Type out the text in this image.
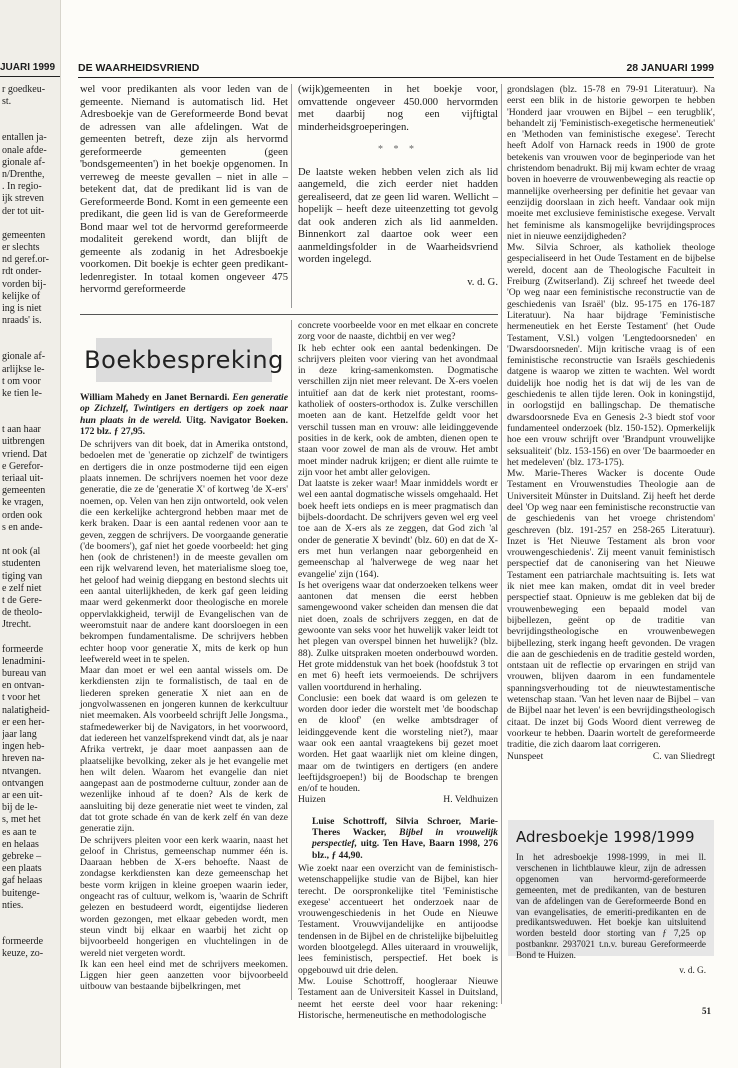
JUARI 1999
r goedkeu-
st.
entallen ja-
onale afde-
gionale af-
n/Drenthe,
. In regio-
ijk streven
der tot uit-
gemeenten
er slechts
nd geref.or-
rdt onder-
vorden bij-
kelijke of
ing is niet
nraads' is.
gionale af-
arlijkse le-
t om voor
ke tien le-
t aan haar
uitbrengen
vriend. Dat
e Gerefor-
teriaal uit-
gemeenten
ke vragen,
orden ook
s en ande-
nt ook (al
studenten
tiging van
e zelf niet
t de Gere-
de theolo-
Jtrecht.
formeerde
lenadmini-
bureau van
en ontvan-
t voor het
nalatigheid-
er een her-
jaar lang
ingen heb-
hreven na-
ntvangen.
ontvangen
ar een uit-
bij de le-
s, met het
es aan te
en helaas
gebreke –
een plaats
gaf helaas
buitenge-
nties.
formeerde
keuze, zo-
DE WAARHEIDSVRIEND	28 JANUARI 1999

wel voor predikanten als voor leden van de gemeente. Niemand is automatisch lid. Het Adresboekje van de Gereformeerde Bond bevat de adressen van alle afdelingen. Wat de gemeenten betreft, deze zijn als hervormd gereformeerde gemeenten (geen 'bondsgemeenten') in het boekje opgenomen. In verreweg de meeste gevallen – niet in alle – betekent dat, dat de predikant lid is van de Gereformeerde Bond. Komt in een gemeente een predikant, die geen lid is van de Gereformeerde Bond maar wel tot de hervormd gereformeerde modaliteit gerekend wordt, dan blijft de gemeente als zodanig in het Adresboekje voorkomen. Dit boekje is echter geen predikant-ledenregister. In totaal komen ongeveer 475 hervormd gereformeerde

(wijk)gemeenten in het boekje voor, omvattende ongeveer 450.000 hervormden met daarbij nog een vijftigtal minderheidsgroeperingen.

* * *

De laatste weken hebben velen zich als lid aangemeld, die zich eerder niet hadden gerealiseerd, dat ze geen lid waren. Wellicht – hopelijk – heeft deze uiteenzetting tot gevolg dat ook anderen zich als lid aanmelden. Binnenkort zal daartoe ook weer een aanmeldingsfolder in de Waarheidsvriend worden ingelegd.

v. d. G.
Boekbespreking
William Mahedy en Janet Bernardi. Een generatie op Zichzelf, Twintigers en dertigers op zoek naar hun plaats in de wereld. Uitg. Navigator Boeken. 172 blz. ƒ 27,95.

De schrijvers van dit boek, dat in Amerika ontstond, bedoelen met de 'generatie op zichzelf' de twintigers en dertigers die in onze postmoderne tijd een eigen plaats innemen. De schrijvers noemen het voor deze generatie, die ze de 'generatie X' of kortweg 'de X-ers' noemen, op. Velen van hen zijn ontworteld, ook velen die een kerkelijke achtergrond hebben maar met de kerk braken. Daar is een aantal redenen voor aan te geven, zeggen de schrijvers. De voorgaande generatie ('de boomers'), gaf niet het goede voorbeeld: het ging hen (ook de christenen!) in de meeste gevallen om een rijk welvarend leven, het materialisme sloeg toe, het geloof had weinig diepgang en bestond slechts uit een aantal uiterlijkheden, de kerk gaf geen leiding maar werd gekenmerkt door theologische en morele oppervlakkigheid, terwijl de Evangelischen van de weeromstuit naar de andere kant doorsloegen in een bekrompen fundamentalisme. De schrijvers hebben echter hoop voor generatie X, mits de kerk op hun leefwereld weet in te spelen.

Maar dan moet er wel een aantal wissels om. De kerkdiensten zijn te formalistisch, de taal en de liederen spreken generatie X niet aan en de jongvolwassenen en jongeren kunnen de kerkcultuur niet meemaken. Als voorbeeld schrijft Jelle Jongsma., stafmedewerker bij de Navigators, in het voorwoord, dat iedereen het vanzelfsprekend vindt dat, als je naar Afrika vertrekt, je daar moet aanpassen aan de plaatselijke bevolking, zeker als je het evangelie met hen wilt delen. Waarom het evangelie dan niet aangepast aan de postmoderne cultuur, zonder aan de wezenlijke inhoud af te doen? Als de kerk de aansluiting bij deze generatie niet weet te vinden, zal dat tot grote schade én van de kerk zelf én van deze generatie zijn.

De schrijvers pleiten voor een kerk waarin, naast het geloof in Christus, gemeenschap nummer één is. Daaraan hebben de X-ers behoefte. Naast de zondagse kerkdiensten kan deze gemeenschap het beste vorm krijgen in kleine groepen waarin ieder, ongeacht ras of cultuur, welkom is, 'waarin de Schrift gelezen en bestudeerd wordt, eigentijdse liederen worden gezongen, met elkaar gebeden wordt, men steun vindt bij elkaar en waarbij het zicht op bijvoorbeeld hongerigen en vluchtelingen in de wereld niet vergeten wordt.

Ik kan een heel eind met de schrijvers meekomen. Liggen hier geen aanzetten voor bijvoorbeeld uitbouw van bestaande bijbelkringen, met

concrete voorbeelde voor en met elkaar en concrete zorg voor de naaste, dichtbij en ver weg?

Ik heb echter ook een aantal bedenkingen. De schrijvers pleiten voor viering van het avondmaal in deze kring-samenkomsten. Dogmatische verschillen zijn niet meer relevant. De X-ers voelen intuïtief aan dat de kerk niet protestant, rooms-katholiek of oosters-orthodox is. Zulke verschillen moeten aan de kant. Hetzelfde geldt voor het verschil tussen man en vrouw: alle leidinggevende posities in de kerk, ook de ambten, dienen open te staan voor zowel de man als de vrouw. Het ambt moet minder nadruk krijgen; er dient alle ruimte te zijn voor het ambt aller gelovigen.

Dat laatste is zeker waar! Maar inmiddels wordt er wel een aantal dogmatische wissels omgehaald. Het boek heeft iets ondieps en is meer pragmatisch dan bijbels-doordacht. De schrijvers geven wel erg veel toe aan de X-ers als ze zeggen, dat God zich 'al onder de generatie X bevindt' (blz. 60) en dat de X-ers met hun verlangen naar geborgenheid en gemeenschap al 'halverwege de weg naar het evangelie' zijn (164).

Is het overigens waar dat onderzoeken telkens weer aantonen dat mensen die eerst hebben samengewoond vaker scheiden dan mensen die dat niet doen, zoals de schrijvers zeggen, en dat de gewoonte van seks voor het huwelijk vaker leidt tot het plegen van overspel binnen het huwelijk? (blz. 88). Zulke uitspraken moeten onderbouwd worden. Het grote middenstuk van het boek (hoofdstuk 3 tot en met 6) heeft iets vermoeiends. De schrijvers vallen voortdurend in herhaling.

Conclusie: een boek dat waard is om gelezen te worden door ieder die worstelt met 'de boodschap en de kloof' (en welke ambtsdrager of leidinggevende kent die worsteling niet?), maar waar ook een aantal vraagtekens bij gezet moet worden. Het gaat waarlijk niet om kleine dingen, maar om de twintigers en dertigers (en andere leeftijdsgroepen!) bij de Boodschap te brengen en/of te houden.

Huizen	H. Veldhuizen
Luise Schottroff, Silvia Schroer, Marie-Theres Wacker, Bijbel in vrouwelijk perspectief, uitg. Ten Have, Baarn 1998, 276 blz., ƒ 44,90.

Wie zoekt naar een overzicht van de feministisch-wetenschappelijke studie van de Bijbel, kan hier terecht. De oorspronkelijke titel 'Feministische exegese' accentueert het onderzoek naar de vrouwengeschiedenis in het Oude en Nieuwe Testament. Vrouwvijandelijke en antijoodse tendensen in de Bijbel en de christelijke bijbeluitleg worden blootgelegd. Alles uiteraard in vrouwelijk, lees feministisch, perspectief. Het boek is opgebouwd uit drie delen.

Mw. Louise Schottroff, hoogleraar Nieuwe Testament aan de Universiteit Kassel in Duitsland, neemt het eerste deel voor haar rekening: Historische, hermeneutische en methodologische

grondslagen (blz. 15-78 en 79-91 Literatuur). Na eerst een blik in de historie geworpen te hebben 'Honderd jaar vrouwen en Bijbel – een terugblik', behandelt zij 'Feministisch-exegetische hermeneutiek' en 'Methoden van feministische exegese'. Terecht heeft Adolf von Harnack reeds in 1900 de grote betekenis van vrouwen voor de beginperiode van het christendom benadrukt. Bij mij kwam echter de vraag boven in hoeverre de vrouwenbeweging als reactie op mannelijke overheersing per definitie het gevaar van eenzijdig doorslaan in zich heeft. Vandaar ook mijn moeite met exclusieve feministische exegese. Vervalt het feminisme als kansmogelijke bevrijdingsproces niet in nieuwe eenzijdigheden?

Mw. Silvia Schroer, als katholiek theologe gespecialiseerd in het Oude Testament en de bijbelse wereld, docent aan de Theologische Faculteit in Freiburg (Zwitserland). Zij schreef het tweede deel 'Op weg naar een feministische reconstructie van de geschiedenis van Israël' (blz. 95-175 en 176-187 Literatuur). Na haar bijdrage 'Feministische hermeneutiek en het Eerste Testament' (het Oude Testament, V.Sl.) volgen 'Lengtedoorsneden' en 'Dwarsdoorsneden'. Mijn kritische vraag is of een feministische reconstructie van Israëls geschiedenis datgene is waarop we zitten te wachten. Wel wordt duidelijk hoe nodig het is dat wij de les van de geschiedenis te allen tijde leren. Ook in koningstijd, in oorlogstijd en ballingschap. De thematische dwarsdoorsnede Eva en Genesis 2-3 biedt stof voor fundamenteel onderzoek (blz. 150-152). Opmerkelijk hoe een vrouw schrijft over 'Brandpunt vrouwelijke seksualiteit' (blz. 153-156) en over 'De baarmoeder en het medeleven' (blz. 173-175).

Mw. Marie-Theres Wacker is docente Oude Testament en Vrouwenstudies Theologie aan de Universiteit Münster in Duitsland. Zij heeft het derde deel 'Op weg naar een feministische reconstructie van de geschiedenis van het vroege christendom' geschreven (blz. 191-257 en 258-265 Literatuur). Inzet is 'Het Nieuwe Testament als bron voor vrouwengeschiedenis'. Zij meent vanuit feministisch perspectief dat de canonisering van het Nieuwe Testament een patriarchale machtsuiting is. Iets wat ik niet mee kan maken, omdat dit in veel breder perspectief staat. Opnieuw is me gebleken dat bij de vrouwenbeweging een bepaald model van bijbellezen, geënt op de traditie van bevrijdingstheologische en vrouwenbewegen bijbellezing, sterk ingang heeft gevonden. De vragen die aan de geschiedenis en de traditie gesteld worden, ontstaan uit de reflectie op ervaringen en strijd van vrouwen, blijven daarom in een fundamentele spanningsverhouding tot de nieuwtestamentische wetenschap staan. 'Van het leven naar de Bijbel – van de Bijbel naar het leven' is een bevrijdingstheologisch citaat. De inzet bij Gods Woord dient verreweg de voorkeur te hebben. Daarin wortelt de gereformeerde traditie, die zich daarom laat corrigeren.

Nunspeet	C. van Sliedregt
Adresboekje 1998/1999
In het adresboekje 1998-1999, in mei ll. verschenen in lichtblauwe kleur, zijn de adressen opgenomen van hervormd-gereformeerde gemeenten, met de predikanten, van de besturen van de afdelingen van de Gereformeerde Bond en van evangelisaties, de emeriti-predikanten en de predikantsweduwen. Het boekje kan uitsluitend worden besteld door storting van ƒ 7,25 op postbanknr. 2937021 t.n.v. bureau Gereformeerde Bond te Huizen.
v. d. G.
51
